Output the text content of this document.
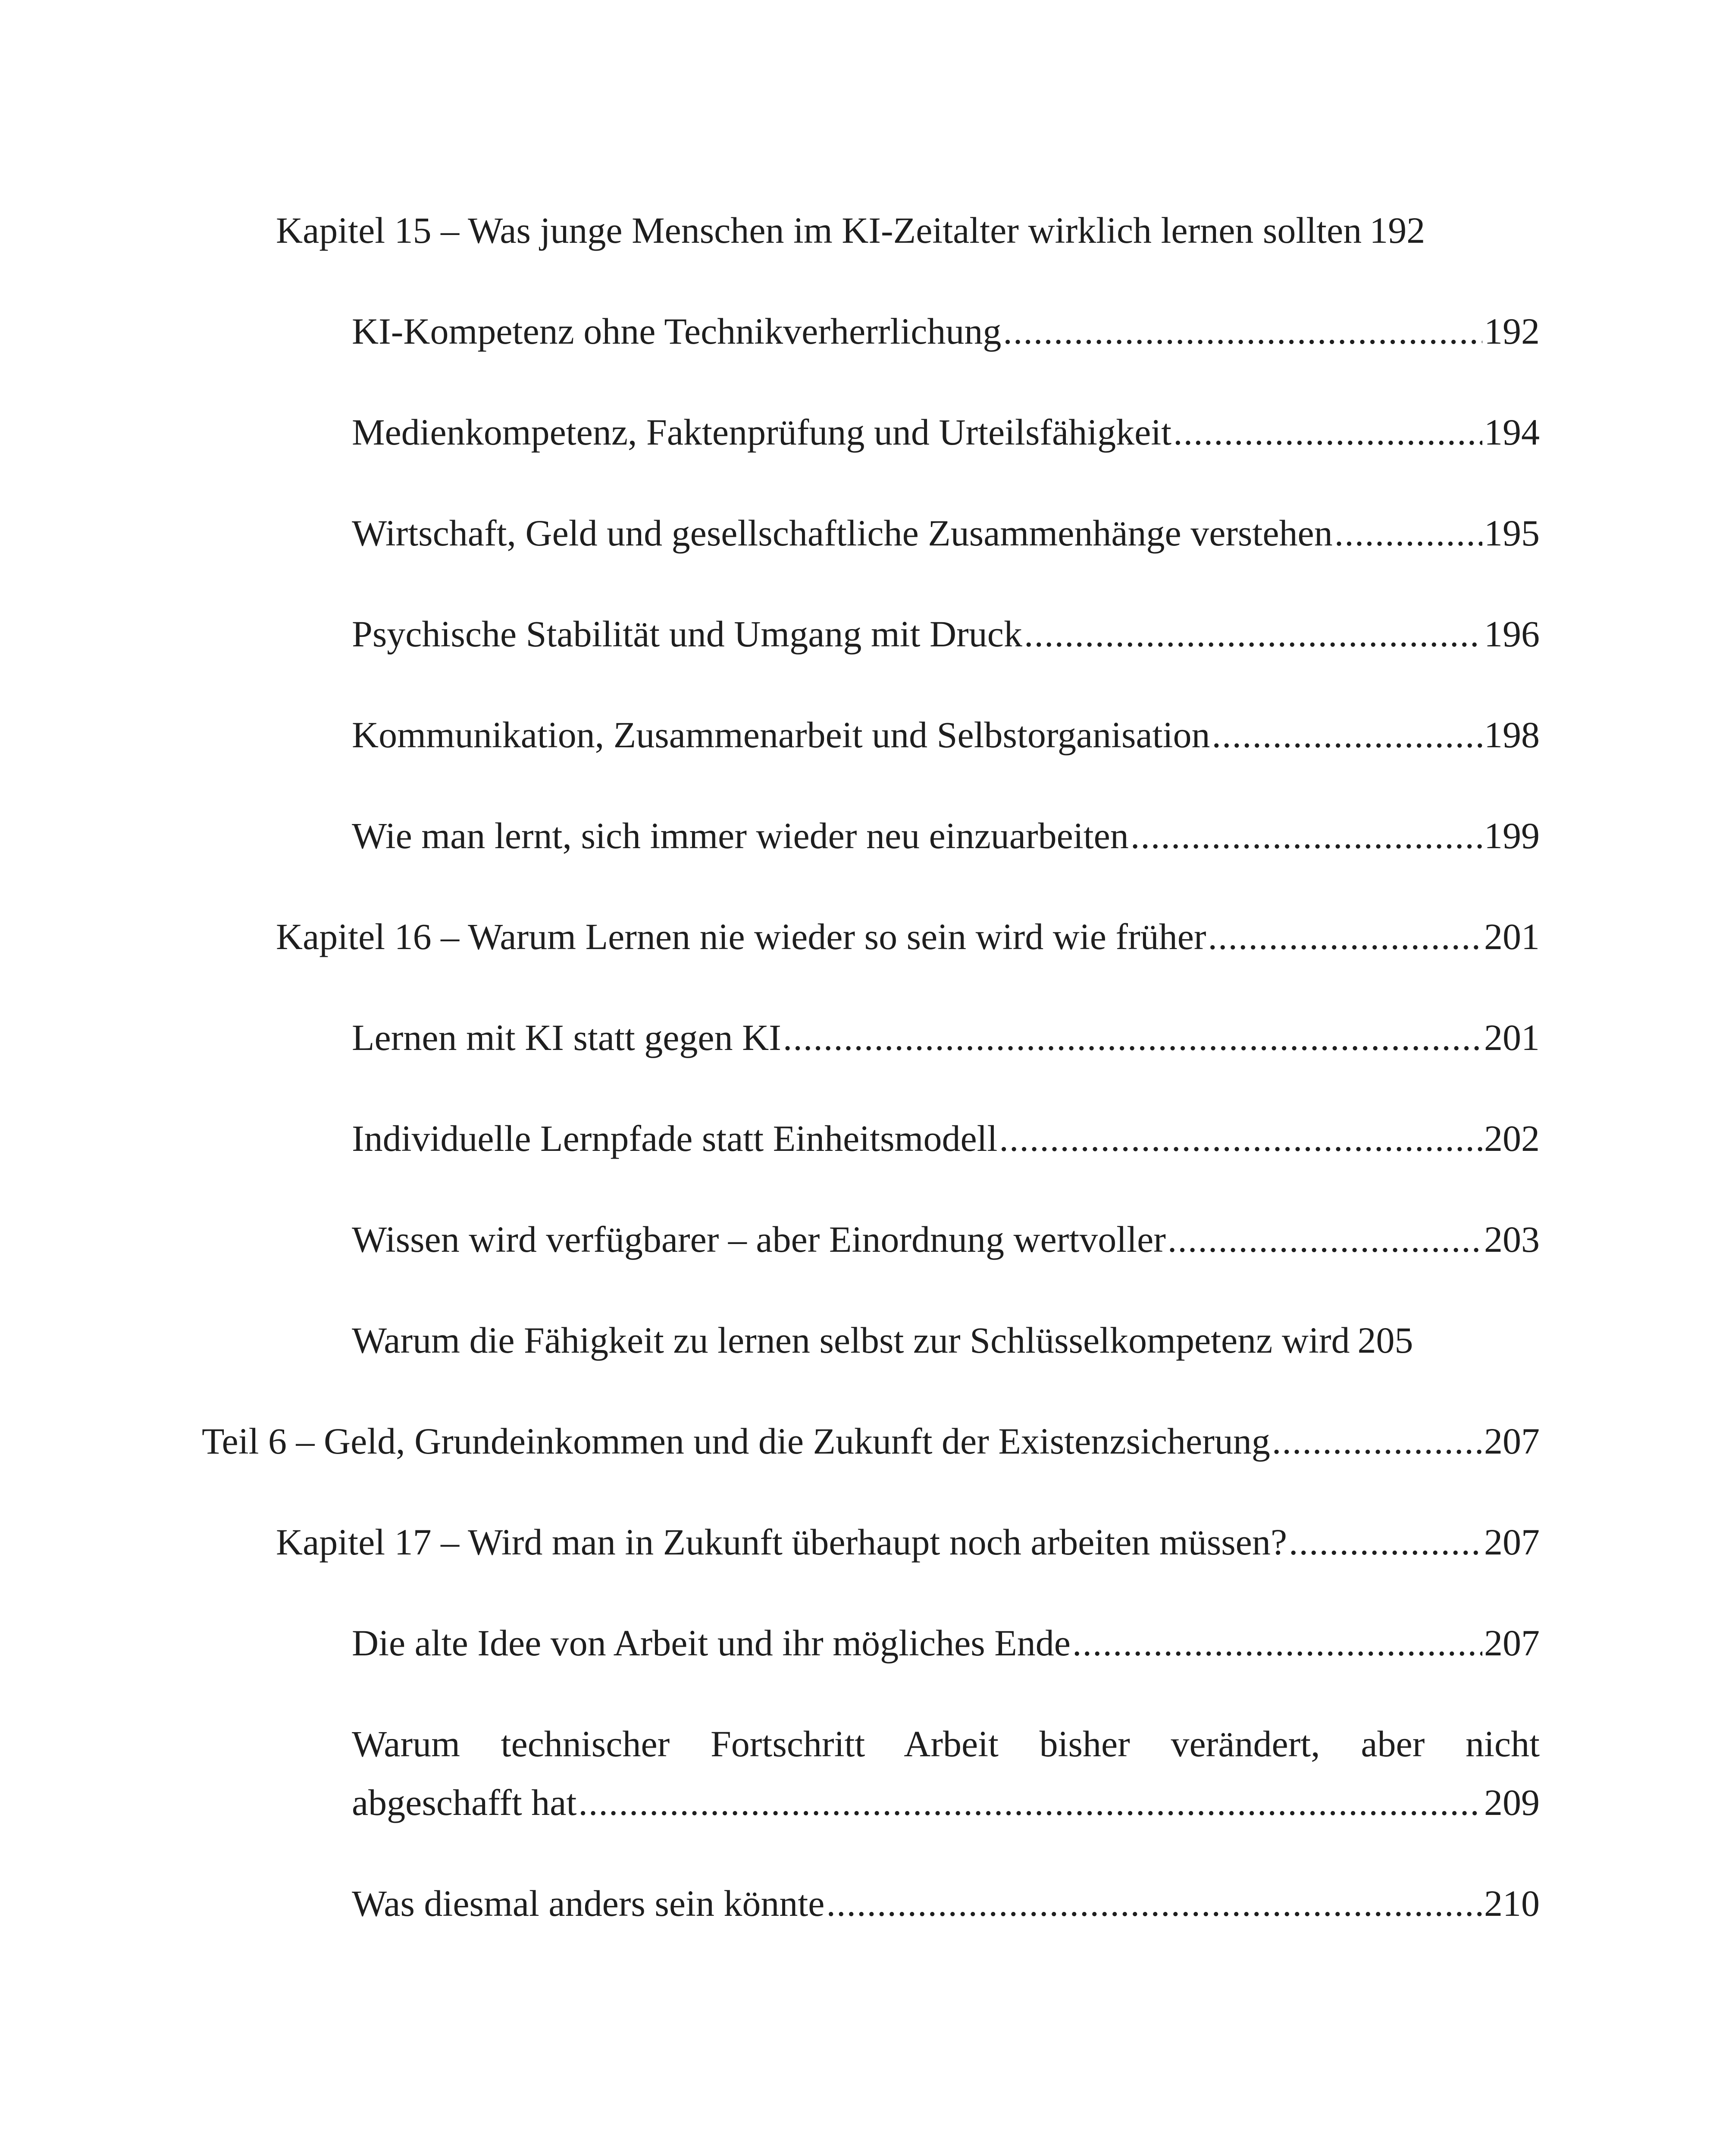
Kapitel 15 – Was junge Menschen im KI-Zeitalter wirklich lernen sollten 192
KI-Kompetenz ohne Technikverherrlichung .....	192
Medienkompetenz, Faktenprüfung und Urteilsfähigkeit .....	194
Wirtschaft, Geld und gesellschaftliche Zusammenhänge verstehen .....	195
Psychische Stabilität und Umgang mit Druck .....	196
Kommunikation, Zusammenarbeit und Selbstorganisation .....	198
Wie man lernt, sich immer wieder neu einzuarbeiten .....	199
Kapitel 16 – Warum Lernen nie wieder so sein wird wie früher .....	201
Lernen mit KI statt gegen KI .....	201
Individuelle Lernpfade statt Einheitsmodell .....	202
Wissen wird verfügbarer – aber Einordnung wertvoller .....	203
Warum die Fähigkeit zu lernen selbst zur Schlüsselkompetenz wird 205
Teil 6 – Geld, Grundeinkommen und die Zukunft der Existenzsicherung .....	207
Kapitel 17 – Wird man in Zukunft überhaupt noch arbeiten müssen? .....	207
Die alte Idee von Arbeit und ihr mögliches Ende .....	207
Warum technischer Fortschritt Arbeit bisher verändert, aber nicht
abgeschafft hat .....	209
Was diesmal anders sein könnte .....	210
